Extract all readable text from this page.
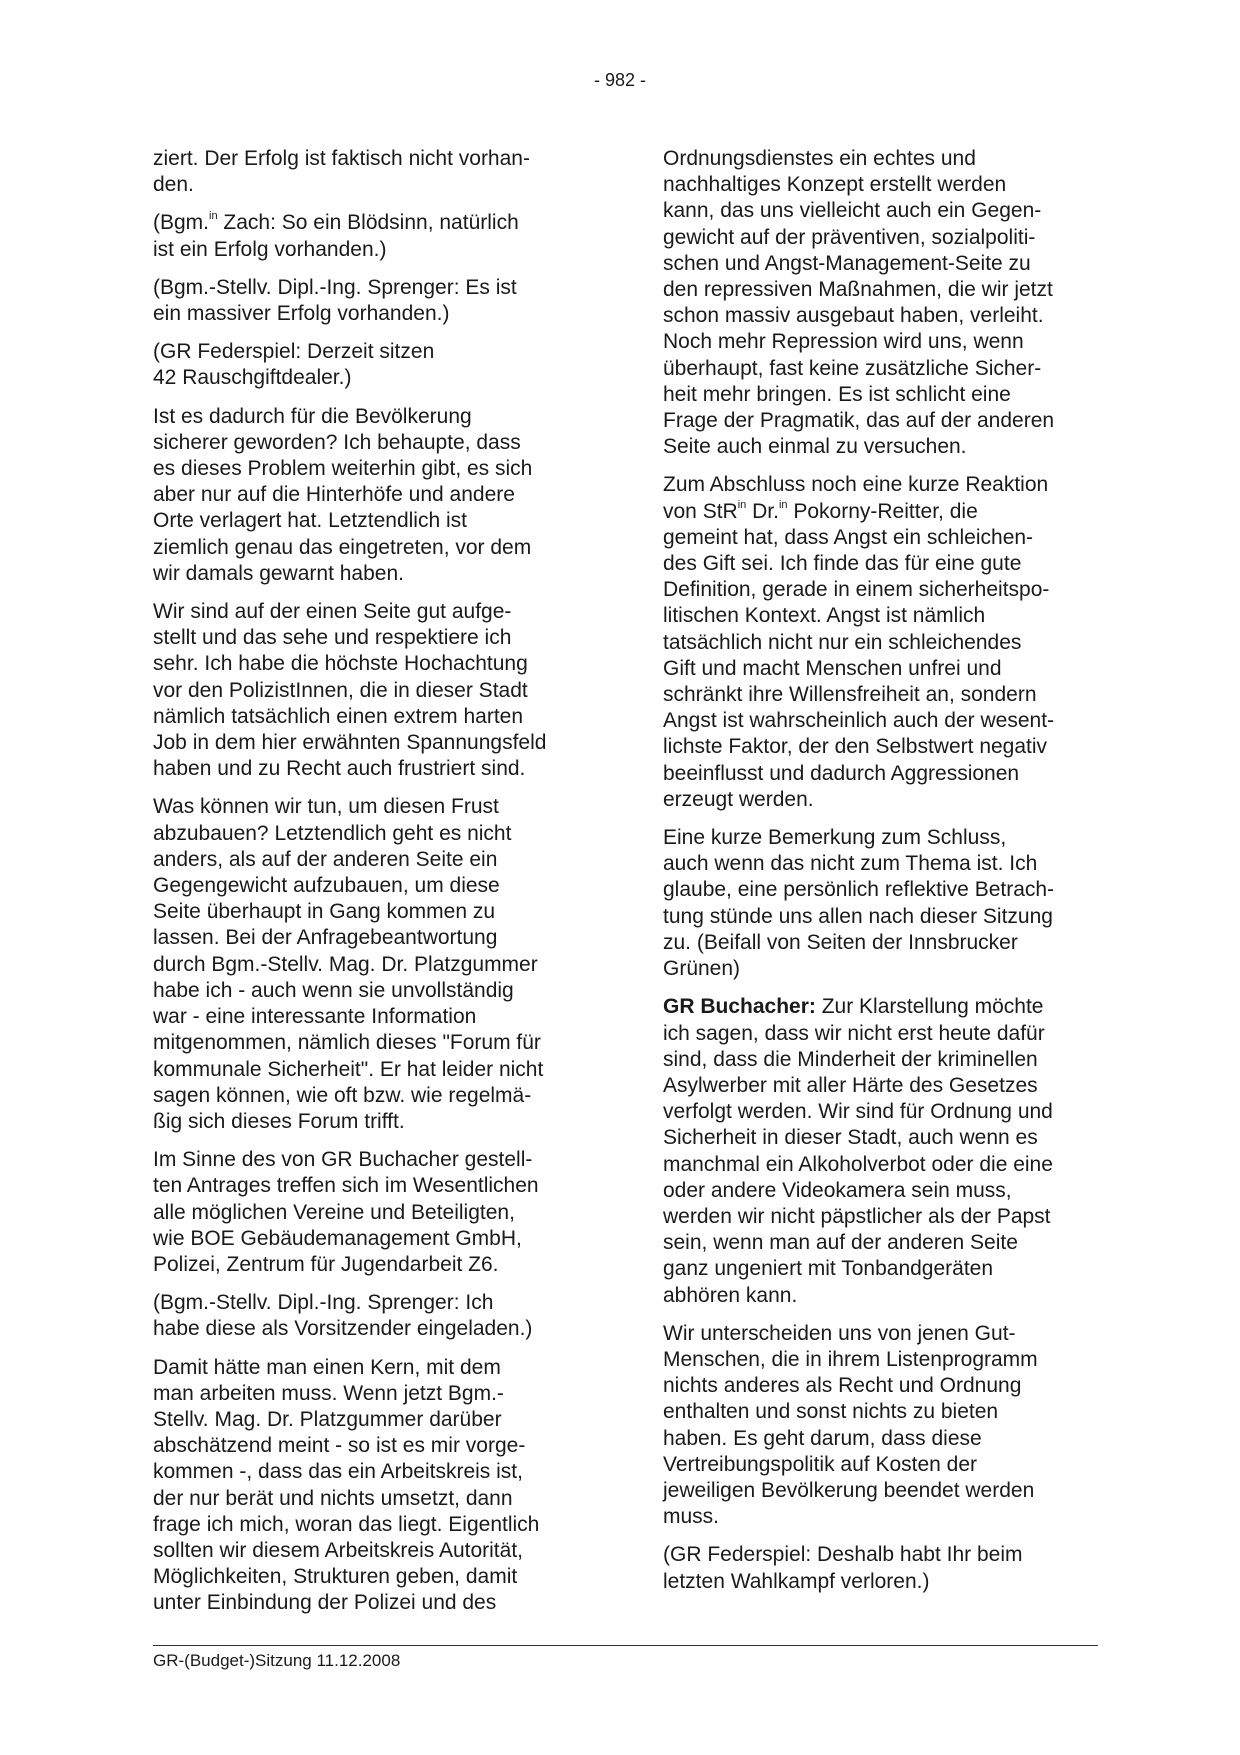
- 982 -

ziert. Der Erfolg ist faktisch nicht vorhan-
den.

(Bgm.$^{in}$ Zach: So ein Blödsinn, natürlich
ist ein Erfolg vorhanden.)

(Bgm.-Stellv. Dipl.-Ing. Sprenger: Es ist
ein massiver Erfolg vorhanden.)

(GR Federspiel: Derzeit sitzen
42 Rauschgiftdealer.)

Ist es dadurch für die Bevölkerung
sicherer geworden? Ich behaupte, dass
es dieses Problem weiterhin gibt, es sich
aber nur auf die Hinterhöfe und andere
Orte verlagert hat. Letztendlich ist
ziemlich genau das eingetreten, vor dem
wir damals gewarnt haben.

Wir sind auf der einen Seite gut aufge-
stellt und das sehe und respektiere ich
sehr. Ich habe die höchste Hochachtung
vor den PolizistInnen, die in dieser Stadt
nämlich tatsächlich einen extrem harten
Job in dem hier erwähnten Spannungsfeld
haben und zu Recht auch frustriert sind.

Was können wir tun, um diesen Frust
abzubauen? Letztendlich geht es nicht
anders, als auf der anderen Seite ein
Gegengewicht aufzubauen, um diese
Seite überhaupt in Gang kommen zu
lassen. Bei der Anfragebeantwortung
durch Bgm.-Stellv. Mag. Dr. Platzgummer
habe ich - auch wenn sie unvollständig
war - eine interessante Information
mitgenommen, nämlich dieses "Forum für
kommunale Sicherheit". Er hat leider nicht
sagen können, wie oft bzw. wie regelmä-
ßig sich dieses Forum trifft.

Im Sinne des von GR Buchacher gestell-
ten Antrages treffen sich im Wesentlichen
alle möglichen Vereine und Beteiligten,
wie BOE Gebäudemanagement GmbH,
Polizei, Zentrum für Jugendarbeit Z6.

(Bgm.-Stellv. Dipl.-Ing. Sprenger: Ich
habe diese als Vorsitzender eingeladen.)

Damit hätte man einen Kern, mit dem
man arbeiten muss. Wenn jetzt Bgm.-
Stellv. Mag. Dr. Platzgummer darüber
abschätzend meint - so ist es mir vorge-
kommen -, dass das ein Arbeitskreis ist,
der nur berät und nichts umsetzt, dann
frage ich mich, woran das liegt. Eigentlich
sollten wir diesem Arbeitskreis Autorität,
Möglichkeiten, Strukturen geben, damit
unter Einbindung der Polizei und des

Ordnungsdienstes ein echtes und
nachhaltiges Konzept erstellt werden
kann, das uns vielleicht auch ein Gegen-
gewicht auf der präventiven, sozialpoliti-
schen und Angst-Management-Seite zu
den repressiven Maßnahmen, die wir jetzt
schon massiv ausgebaut haben, verleiht.
Noch mehr Repression wird uns, wenn
überhaupt, fast keine zusätzliche Sicher-
heit mehr bringen. Es ist schlicht eine
Frage der Pragmatik, das auf der anderen
Seite auch einmal zu versuchen.

Zum Abschluss noch eine kurze Reaktion
von StR$^{in}$ Dr.$^{in}$ Pokorny-Reitter, die
gemeint hat, dass Angst ein schleichen-
des Gift sei. Ich finde das für eine gute
Definition, gerade in einem sicherheitspo-
litischen Kontext. Angst ist nämlich
tatsächlich nicht nur ein schleichendes
Gift und macht Menschen unfrei und
schränkt ihre Willensfreiheit an, sondern
Angst ist wahrscheinlich auch der wesent-
lichste Faktor, der den Selbstwert negativ
beeinflusst und dadurch Aggressionen
erzeugt werden.

Eine kurze Bemerkung zum Schluss,
auch wenn das nicht zum Thema ist. Ich
glaube, eine persönlich reflektive Betrach-
tung stünde uns allen nach dieser Sitzung
zu. (Beifall von Seiten der Innsbrucker
Grünen)

GR Buchacher: Zur Klarstellung möchte
ich sagen, dass wir nicht erst heute dafür
sind, dass die Minderheit der kriminellen
Asylwerber mit aller Härte des Gesetzes
verfolgt werden. Wir sind für Ordnung und
Sicherheit in dieser Stadt, auch wenn es
manchmal ein Alkoholverbot oder die eine
oder andere Videokamera sein muss,
werden wir nicht päpstlicher als der Papst
sein, wenn man auf der anderen Seite
ganz ungeniert mit Tonbandgeräten
abhören kann.

Wir unterscheiden uns von jenen Gut-
Menschen, die in ihrem Listenprogramm
nichts anderes als Recht und Ordnung
enthalten und sonst nichts zu bieten
haben. Es geht darum, dass diese
Vertreibungspolitik auf Kosten der
jeweiligen Bevölkerung beendet werden
muss.

(GR Federspiel: Deshalb habt Ihr beim
letzten Wahlkampf verloren.)

GR-(Budget-)Sitzung 11.12.2008
